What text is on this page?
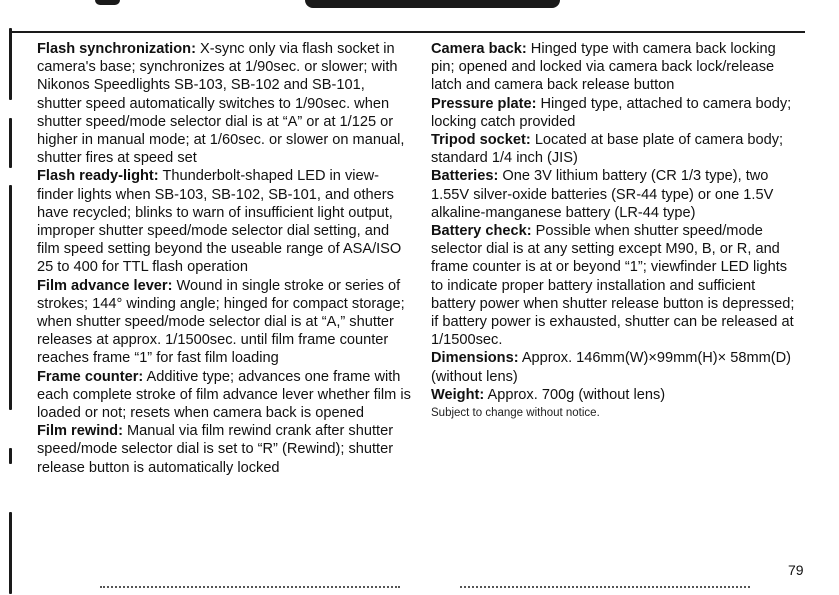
Flash synchronization: X-sync only via flash socket in camera's base; synchronizes at 1/90sec. or slower; with Nikonos Speedlights SB-103, SB-102 and SB-101, shutter speed automatically switches to 1/90sec. when shutter speed/mode selector dial is at “A” or at 1/125 or higher in manual mode; at 1/60sec. or slower on manual, shutter fires at speed set

Flash ready-light: Thunderbolt-shaped LED in view-finder lights when SB-103, SB-102, SB-101, and others have recycled; blinks to warn of insufficient light output, improper shutter speed/mode selector dial setting, and film speed setting beyond the useable range of ASA/ISO 25 to 400 for TTL flash operation

Film advance lever: Wound in single stroke or series of strokes; 144° winding angle; hinged for compact storage; when shutter speed/mode selector dial is at “A,” shutter releases at approx. 1/1500sec. until film frame counter reaches frame “1” for fast film loading

Frame counter: Additive type; advances one frame with each complete stroke of film advance lever whether film is loaded or not; resets when camera back is opened

Film rewind: Manual via film rewind crank after shutter speed/mode selector dial is set to “R” (Rewind); shutter release button is automatically locked

Camera back: Hinged type with camera back locking pin; opened and locked via camera back lock/release latch and camera back release button

Pressure plate: Hinged type, attached to camera body; locking catch provided

Tripod socket: Located at base plate of camera body; standard 1/4 inch (JIS)

Batteries: One 3V lithium battery (CR 1/3 type), two 1.55V silver-oxide batteries (SR-44 type) or one 1.5V alkaline-manganese battery (LR-44 type)

Battery check: Possible when shutter speed/mode selector dial is at any setting except M90, B, or R, and frame counter is at or beyond “1”; viewfinder LED lights to indicate proper battery installation and sufficient battery power when shutter release button is depressed; if battery power is exhausted, shutter can be released at 1/1500sec.

Dimensions: Approx. 146mm(W)×99mm(H)× 58mm(D) (without lens)

Weight: Approx. 700g (without lens)

Subject to change without notice.

79
